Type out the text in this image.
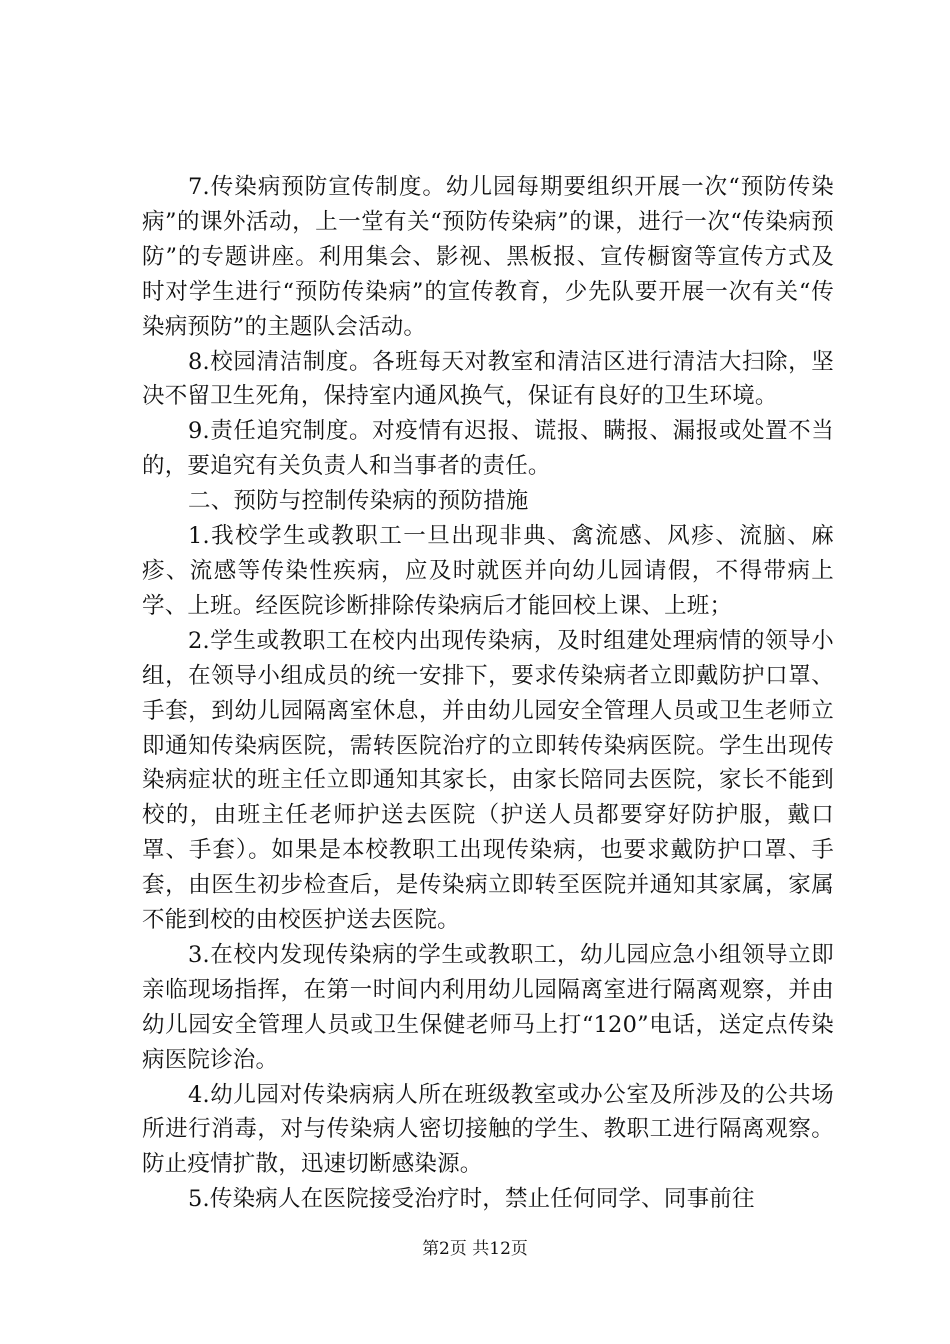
7.传染病预防宣传制度。幼儿园每期要组织开展一次“预防传染病”的课外活动，上一堂有关“预防传染病”的课，进行一次“传染病预防”的专题讲座。利用集会、影视、黑板报、宣传橱窗等宣传方式及时对学生进行“预防传染病”的宣传教育，少先队要开展一次有关“传染病预防”的主题队会活动。

8.校园清洁制度。各班每天对教室和清洁区进行清洁大扫除，坚决不留卫生死角，保持室内通风换气，保证有良好的卫生环境。

9.责任追究制度。对疫情有迟报、谎报、瞒报、漏报或处置不当的，要追究有关负责人和当事者的责任。

二、预防与控制传染病的预防措施

1.我校学生或教职工一旦出现非典、禽流感、风疹、流脑、麻疹、流感等传染性疾病，应及时就医并向幼儿园请假，不得带病上学、上班。经医院诊断排除传染病后才能回校上课、上班；

2.学生或教职工在校内出现传染病，及时组建处理病情的领导小组，在领导小组成员的统一安排下，要求传染病者立即戴防护口罩、手套，到幼儿园隔离室休息，并由幼儿园安全管理人员或卫生老师立即通知传染病医院，需转医院治疗的立即转传染病医院。学生出现传染病症状的班主任立即通知其家长，由家长陪同去医院，家长不能到校的，由班主任老师护送去医院（护送人员都要穿好防护服，戴口罩、手套）。如果是本校教职工出现传染病，也要求戴防护口罩、手套，由医生初步检查后，是传染病立即转至医院并通知其家属，家属不能到校的由校医护送去医院。

3.在校内发现传染病的学生或教职工，幼儿园应急小组领导立即亲临现场指挥，在第一时间内利用幼儿园隔离室进行隔离观察，并由幼儿园安全管理人员或卫生保健老师马上打“120”电话，送定点传染病医院诊治。

4.幼儿园对传染病病人所在班级教室或办公室及所涉及的公共场所进行消毒，对与传染病人密切接触的学生、教职工进行隔离观察。防止疫情扩散，迅速切断感染源。

5.传染病人在医院接受治疗时，禁止任何同学、同事前往

第2页 共12页
